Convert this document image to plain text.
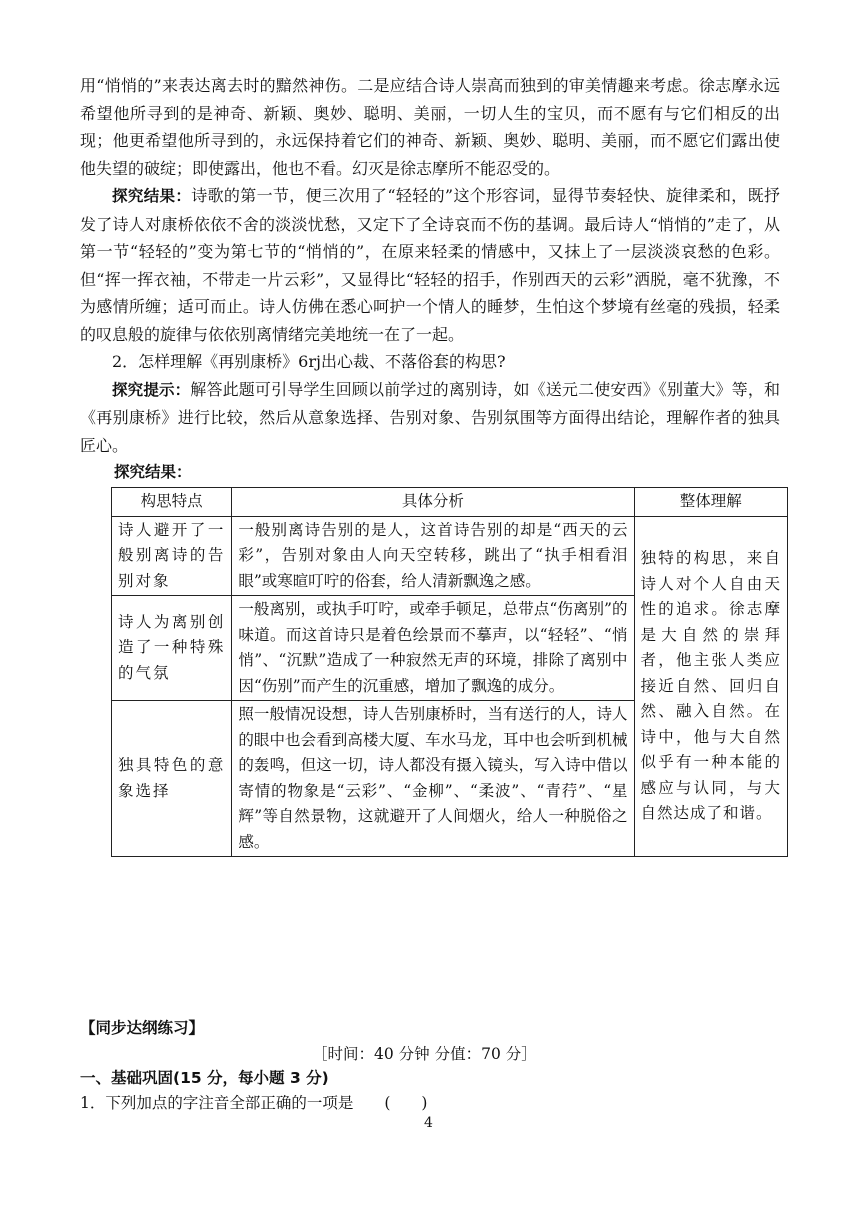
用“悄悄的”来表达离去时的黯然神伤。二是应结合诗人崇高而独到的审美情趣来考虑。徐志摩永远希望他所寻到的是神奇、新颖、奥妙、聪明、美丽，一切人生的宝贝，而不愿有与它们相反的出现；他更希望他所寻到的，永远保持着它们的神奇、新颖、奥妙、聪明、美丽，而不愿它们露出使他失望的破绽；即使露出，他也不看。幻灭是徐志摩所不能忍受的。

探究结果：诗歌的第一节，便三次用了“轻轻的”这个形容词，显得节奏轻快、旋律柔和，既抒发了诗人对康桥依依不舍的淡淡忧愁，又定下了全诗哀而不伤的基调。最后诗人“悄悄的”走了，从第一节“轻轻的”变为第七节的“悄悄的”，在原来轻柔的情感中，又抹上了一层淡淡哀愁的色彩。但“挥一挥衣袖，不带走一片云彩”，又显得比“轻轻的招手，作别西天的云彩”洒脱，毫不犹豫，不为感情所缠；适可而止。诗人仿佛在悉心呵护一个情人的睡梦，生怕这个梦境有丝毫的残损，轻柔的叹息般的旋律与依依别离情绪完美地统一在了一起。

2．怎样理解《再别康桥》6rj出心裁、不落俗套的构思?

探究提示：解答此题可引导学生回顾以前学过的离别诗，如《送元二使安西》《别董大》等，和《再别康桥》进行比较，然后从意象选择、告别对象、告别氛围等方面得出结论，理解作者的独具匠心。

探究结果：
构思特点	具体分析	整体理解
诗人避开了一般别离诗的告别对象	一般别离诗告别的是人，这首诗告别的却是“西天的云彩”，告别对象由人向天空转移，跳出了“执手相看泪眼”或寒暄叮咛的俗套，给人清新飘逸之感。	独特的构思，来自诗人对个人自由天性的追求。徐志摩是大自然的崇拜者，他主张人类应接近自然、回归自然、融入自然。在诗中，他与大自然似乎有一种本能的感应与认同，与大自然达成了和谐。
诗人为离别创造了一种特殊的气氛	一般离别，或执手叮咛，或牵手顿足，总带点“伤离别”的味道。而这首诗只是着色绘景而不摹声，以“轻轻”、“悄悄”、“沉默”造成了一种寂然无声的环境，排除了离别中因“伤别”而产生的沉重感，增加了飘逸的成分。	
独具特色的意象选择	照一般情况设想，诗人告别康桥时，当有送行的人，诗人的眼中也会看到高楼大厦、车水马龙，耳中也会听到机械的轰鸣，但这一切，诗人都没有摄入镜头，写入诗中借以寄情的物象是“云彩”、“金柳”、“柔波”、“青荇”、“星辉”等自然景物，这就避开了人间烟火，给人一种脱俗之感。	
【同步达纲练习】
［时间：40 分钟 分值：70 分］
一、基础巩固(15 分，每小题 3 分)
1．下列加点的字注音全部正确的一项是　　(　　)
4
